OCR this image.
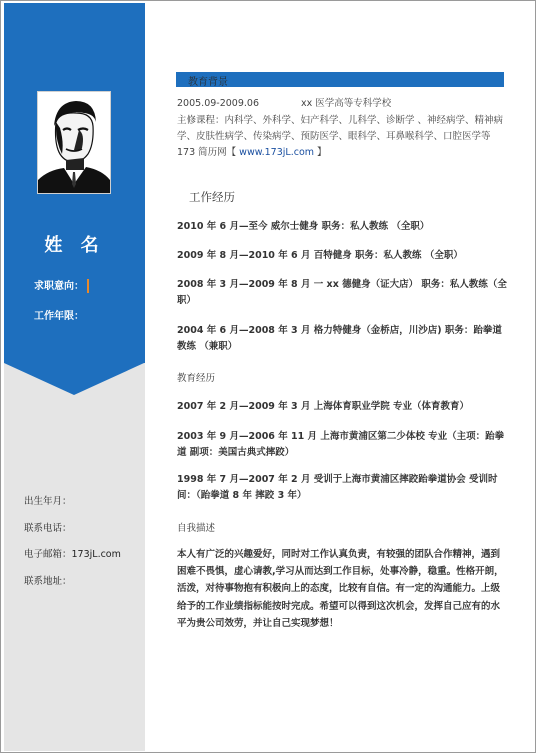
姓 名
求职意向：
工作年限：
出生年月：
联系电话：
电子邮箱：173jL.com
联系地址：
教育背景
2005.09-2009.06	xx 医学高等专科学校
主修课程：内科学、外科学、妇产科学、儿科学、诊断学 、神经病学、精神病学、皮肤性病学、传染病学、预防医学、眼科学、耳鼻喉科学、口腔医学等 173 简历网【 www.173jL.com 】
工作经历
2010 年 6 月—至今 威尔士健身 职务：私人教练 （全职）
2009 年 8 月—2010 年 6 月 百特健身 职务：私人教练 （全职）
2008 年 3 月—2009 年 8 月 一 xx 德健身（证大店） 职务：私人教练（全职）
2004 年 6 月—2008 年 3 月 格力特健身（金桥店，川沙店) 职务：跆拳道教练 （兼职）
教育经历
2007 年 2 月—2009 年 3 月 上海体育职业学院 专业（体育教育）
2003 年 9 月—2006 年 11 月 上海市黄浦区第二少体校 专业（主项：跆拳道 副项：美国古典式摔跤）
1998 年 7 月—2007 年 2 月 受训于上海市黄浦区摔跤跆拳道协会 受训时间：（跆拳道 8 年 摔跤 3 年）
自我描述
本人有广泛的兴趣爱好，同时对工作认真负责，有较强的团队合作精神，遇到困难不畏惧，虚心请教,学习从而达到工作目标，处事冷静，稳重。性格开朗，活泼，对待事物抱有积极向上的态度，比较有自信。有一定的沟通能力。上级给予的工作业绩指标能按时完成。希望可以得到这次机会，发挥自己应有的水平为贵公司效劳，并让自己实现梦想！
